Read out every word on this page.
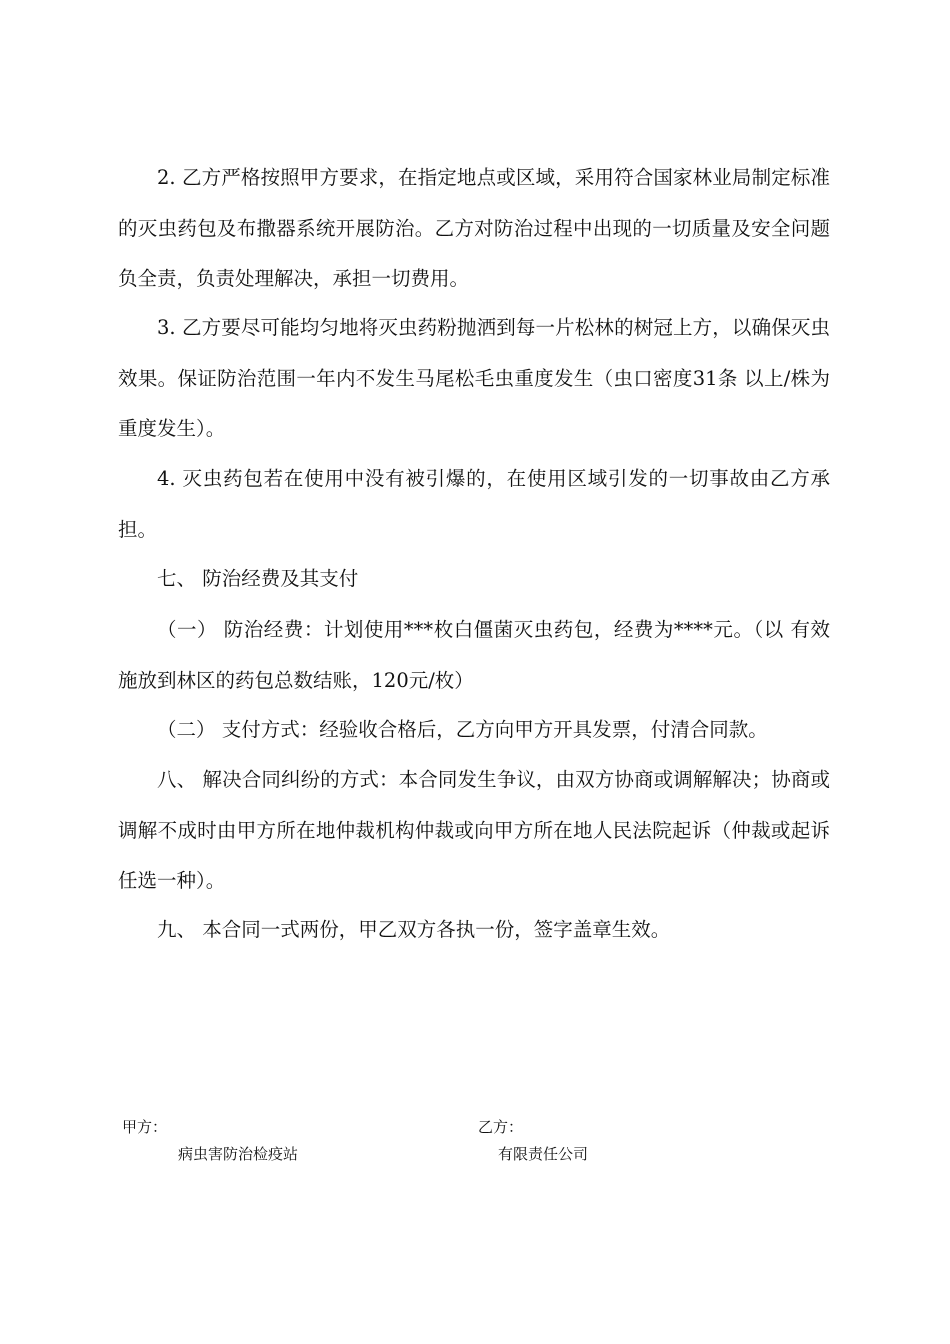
2. 乙方严格按照甲方要求，在指定地点或区域，采用符合国家林业局制定标准的灭虫药包及布撒器系统开展防治。乙方对防治过程中出现的一切质量及安全问题负全责，负责处理解决，承担一切费用。

3. 乙方要尽可能均匀地将灭虫药粉抛洒到每一片松林的树冠上方，以确保灭虫效果。保证防治范围一年内不发生马尾松毛虫重度发生（虫口密度31条 以上/株为重度发生）。

4. 灭虫药包若在使用中没有被引爆的，在使用区域引发的一切事故由乙方承担。

七、 防治经费及其支付

（一） 防治经费：计划使用***枚白僵菌灭虫药包，经费为****元。（以 有效施放到林区的药包总数结账，120元/枚）

（二） 支付方式：经验收合格后，乙方向甲方开具发票，付清合同款。

八、 解决合同纠纷的方式：本合同发生争议，由双方协商或调解解决；协商或调解不成时由甲方所在地仲裁机构仲裁或向甲方所在地人民法院起诉（仲裁或起诉任选一种）。

九、 本合同一式两份，甲乙双方各执一份，签字盖章生效。

甲方：

病虫害防治检疫站

乙方：

有限责任公司
